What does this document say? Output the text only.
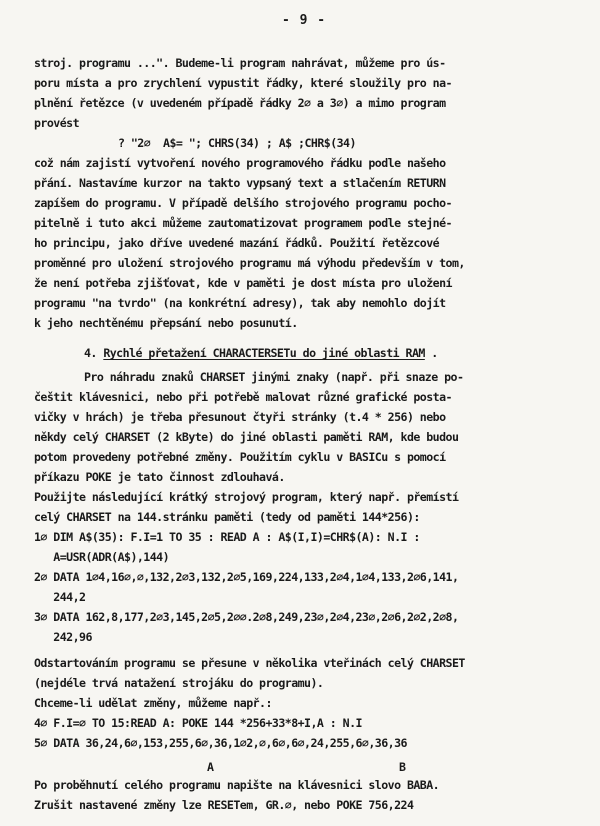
- 9 -
stroj. programu ...". Budeme-li program nahrávat, můžeme pro ús-
poru místa a pro zrychlení vypustit řádky, které sloužily pro na-
plnění řetězce (v uvedeném případě řádky 2∅ a 3∅) a mimo program
provést
? "2∅  A$= "; CHRS(34) ; A$ ;CHR$(34)
což nám zajistí vytvoření nového programového řádku podle našeho
přání. Nastavíme kurzor na takto vypsaný text a stlačením RETURN
zapíšem do programu. V případě delšího strojového programu pocho-
pitelně i tuto akci můžeme zautomatizovat programem podle stejné-
ho principu, jako dříve uvedené mazání řádků. Použití řetězcové
proměnné pro uložení strojového programu má výhodu především v tom,
že není potřeba zjišťovat, kde v paměti je dost místa pro uložení
programu "na tvrdo" (na konkrétní adresy), tak aby nemohlo dojít
k jeho nechtěnému přepsání nebo posunutí.
4. Rychlé přetažení CHARACTERSETu do jiné oblasti RAM .
Pro náhradu znaků CHARSET jinými znaky (např. při snaze po-
češtit klávesnici, nebo při potřebě malovat různé grafické posta-
vičky v hrách) je třeba přesunout čtyři stránky (t.4 * 256) nebo
někdy celý CHARSET (2 kByte) do jiné oblasti paměti RAM, kde budou
potom provedeny potřebné změny. Použitím cyklu v BASICu s pomocí
příkazu POKE je tato činnost zdlouhavá.
Použijte následující krátký strojový program, který např. přemístí
celý CHARSET na 144.stránku paměti (tedy od paměti 144*256):
1∅ DIM A$(35): F.I=1 TO 35 : READ A : A$(I,I)=CHR$(A): N.I :
A=USR(ADR(A$),144)
2∅ DATA 1∅4,16∅,∅,132,2∅3,132,2∅5,169,224,133,2∅4,1∅4,133,2∅6,141,
244,2
3∅ DATA 162,8,177,2∅3,145,2∅5,2∅∅.2∅8,249,23∅,2∅4,23∅,2∅6,2∅2,2∅8,
242,96
Odstartováním programu se přesune v několika vteřinách celý CHARSET
(nejdéle trvá natažení strojáku do programu).
Chceme-li udělat změny, můžeme např.:
4∅ F.I=∅ TO 15:READ A: POKE 144 *256+33*8+I,A : N.I
5∅ DATA 36,24,6∅,153,255,6∅,36,1∅2,∅,6∅,6∅,24,255,6∅,36,36
A	B
Po proběhnutí celého programu napište na klávesnici slovo BABA.
Zrušit nastavené změny lze RESETem, GR.∅, nebo POKE 756,224
